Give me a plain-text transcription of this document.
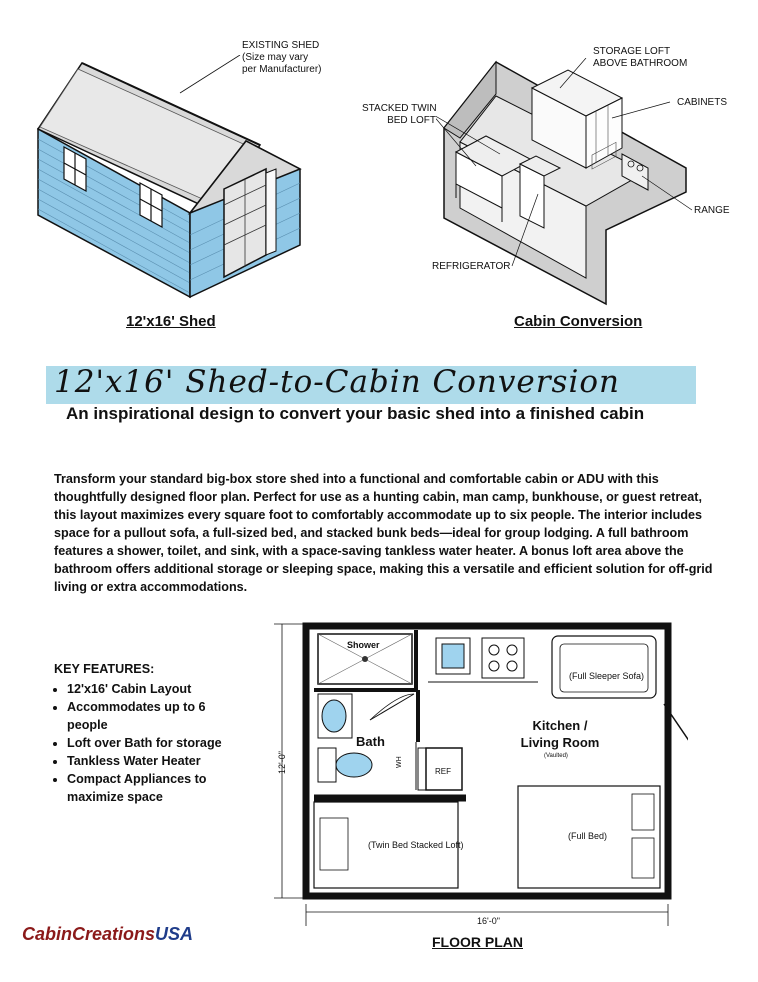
EXISTING SHED
(Size may vary
per Manufacturer)
12'x16' Shed
STORAGE LOFT
ABOVE BATHROOM
CABINETS
STACKED TWIN
BED LOFT
RANGE
REFRIGERATOR
Cabin Conversion
12'x16' Shed-to-Cabin Conversion
An inspirational design to convert your basic shed into a finished cabin
Transform your standard big-box store shed into a functional and comfortable cabin or ADU with this thoughtfully designed floor plan. Perfect for use as a hunting cabin, man camp, bunkhouse, or guest retreat, this layout maximizes every square foot to comfortably accommodate up to six people. The interior includes space for a pullout sofa, a full-sized bed, and stacked bunk beds—ideal for group lodging. A full bathroom features a shower, toilet, and sink, with a space-saving tankless water heater. A bonus loft area above the bathroom offers additional storage or sleeping space, making this a versatile and efficient solution for off-grid living or extra accommodations.
KEY FEATURES:
• 12'x16' Cabin Layout
• Accommodates up to 6 people
• Loft over Bath for storage
• Tankless Water Heater
• Compact Appliances to maximize space
Shower
Bath
WH
REF
Kitchen /
Living Room
(Vaulted)
(Full Sleeper Sofa)
(Twin Bed Stacked Loft)
(Full Bed)
12'-0"
16'-0"
FLOOR PLAN
CabinCreationsUSA
